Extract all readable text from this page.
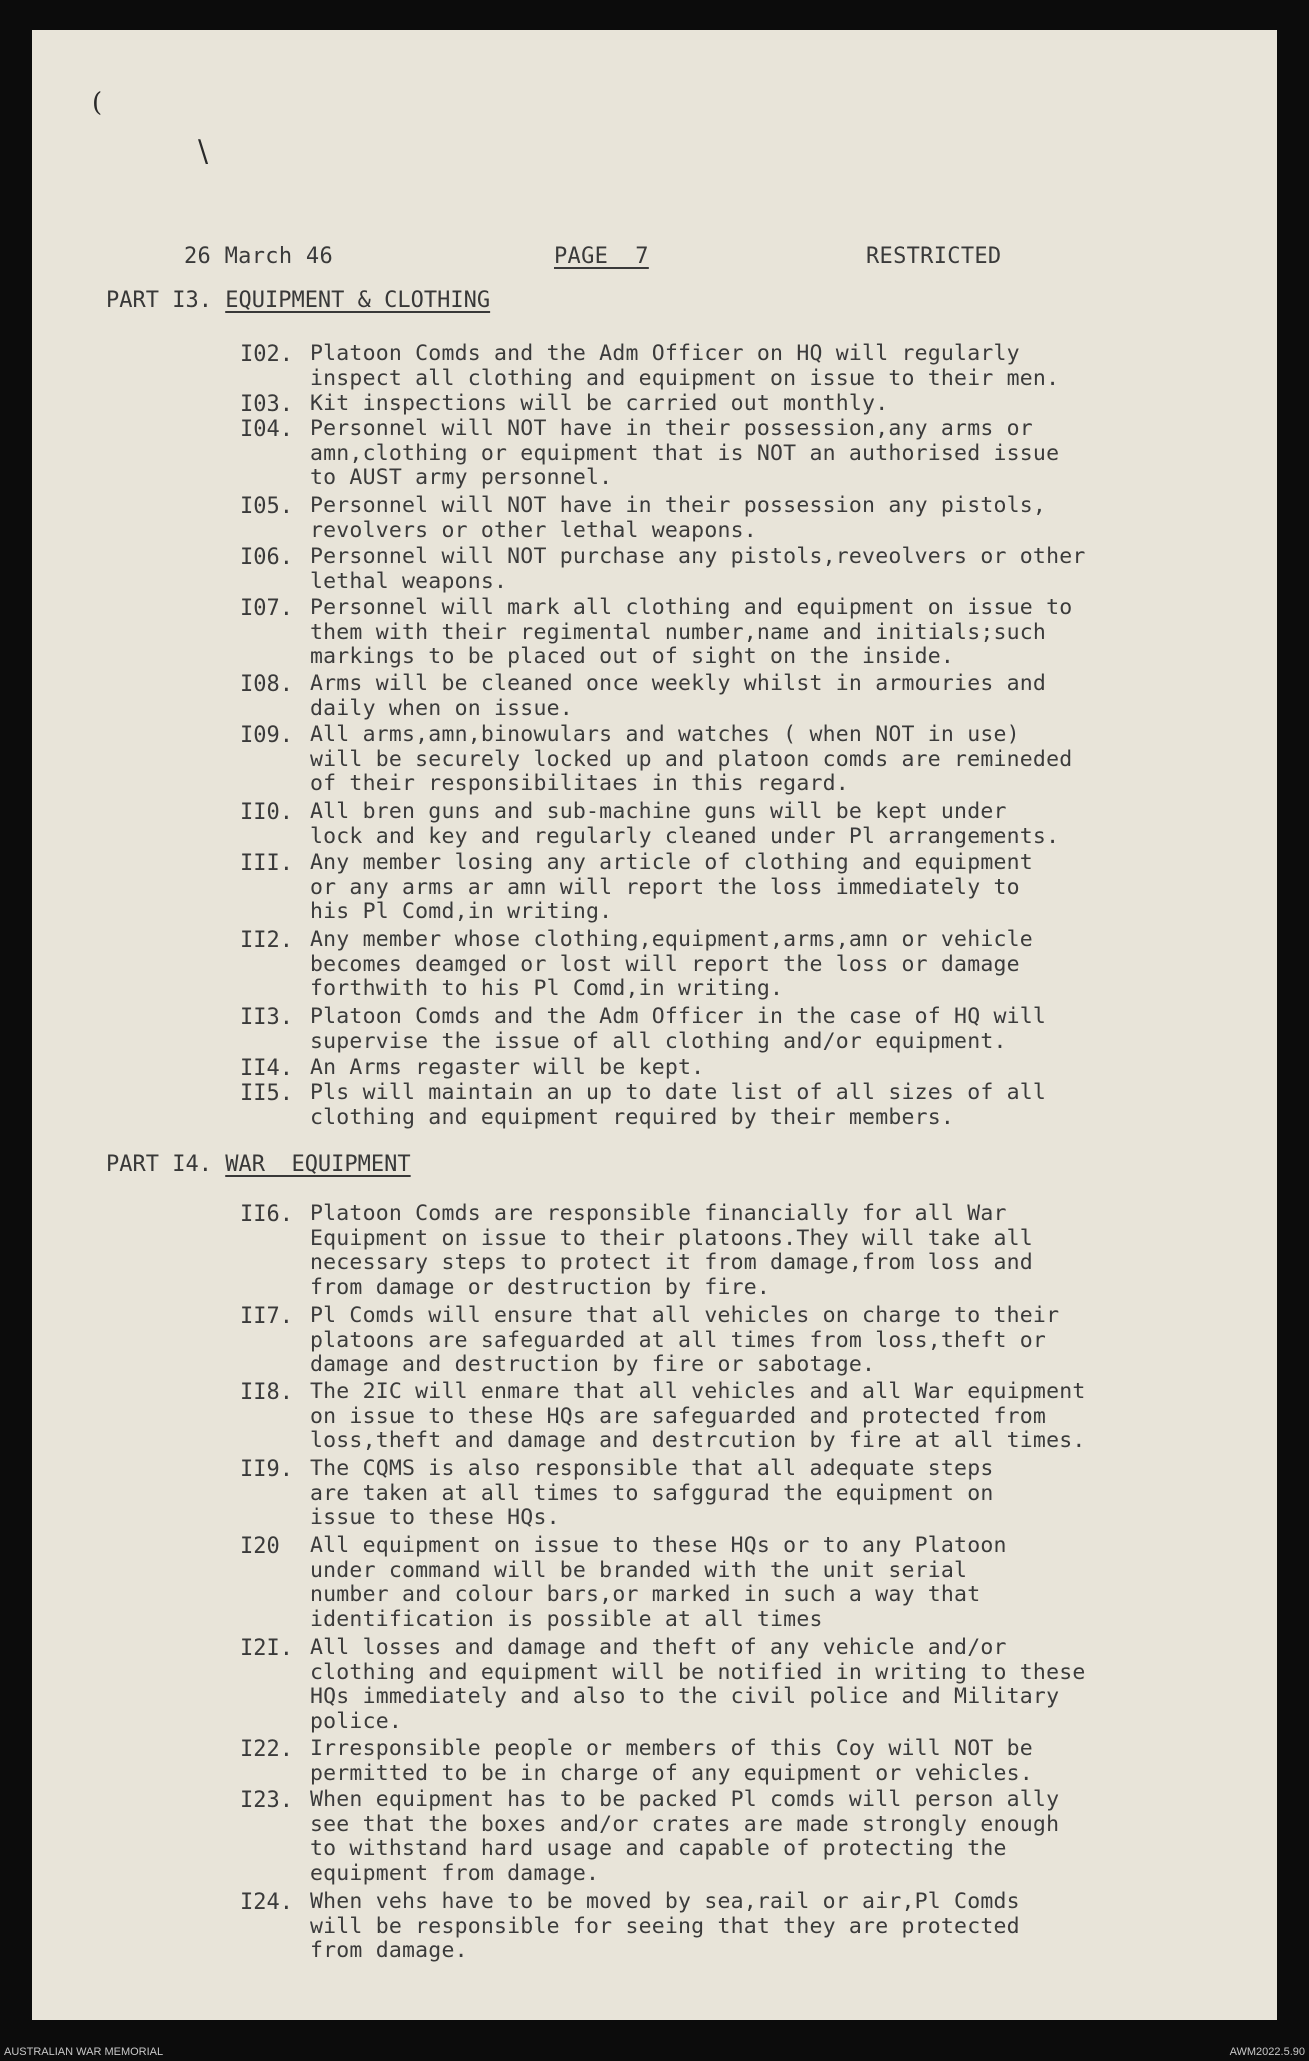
(
\
26 March 46	PAGE  7	RESTRICTED
PART I3. EQUIPMENT & CLOTHING
I02. Platoon Comds and the Adm Officer on HQ will regularly
inspect all clothing and equipment on issue to their men.
I03. Kit inspections will be carried out monthly.
I04. Personnel will NOT have in their possession,any arms or
amn,clothing or equipment that is NOT an authorised issue
to AUST army personnel.
I05. Personnel will NOT have in their possession any pistols,
revolvers or other lethal weapons.
I06. Personnel will NOT purchase any pistols,reveolvers or other
lethal weapons.
I07. Personnel will mark all clothing and equipment on issue to
them with their regimental number,name and initials;such
markings to be placed out of sight on the inside.
I08. Arms will be cleaned once weekly whilst in armouries and
daily when on issue.
I09. All arms,amn,binowulars and watches ( when NOT in use)
will be securely locked up and platoon comds are remineded
of their responsibilitaes in this regard.
II0. All bren guns and sub-machine guns will be kept under
lock and key and regularly cleaned under Pl arrangements.
III. Any member losing any article of clothing and equipment
or any arms ar amn will report the loss immediately to
his Pl Comd,in writing.
II2. Any member whose clothing,equipment,arms,amn or vehicle
becomes deamged or lost will report the loss or damage
forthwith to his Pl Comd,in writing.
II3. Platoon Comds and the Adm Officer in the case of HQ will
supervise the issue of all clothing and/or equipment.
II4. An Arms regaster will be kept.
II5. Pls will maintain an up to date list of all sizes of all
clothing and equipment required by their members.
PART I4. WAR  EQUIPMENT
II6. Platoon Comds are responsible financially for all War
Equipment on issue to their platoons.They will take all
necessary steps to protect it from damage,from loss and
from damage or destruction by fire.
II7. Pl Comds will ensure that all vehicles on charge to their
platoons are safeguarded at all times from loss,theft or
damage and destruction by fire or sabotage.
II8. The 2IC will enmare that all vehicles and all War equipment
on issue to these HQs are safeguarded and protected from
loss,theft and damage and destrcution by fire at all times.
II9. The CQMS is also responsible that all adequate steps
are taken at all times to safggurad the equipment on
issue to these HQs.
I20	All equipment on issue to these HQs or to any Platoon
under command will be branded with the unit serial
number and colour bars,or marked in such a way that
identification is possible at all times
I2I. All losses and damage and theft of any vehicle and/or
clothing and equipment will be notified in writing to these
HQs immediately and also to the civil police and Military
police.
I22. Irresponsible people or members of this Coy will NOT be
permitted to be in charge of any equipment or vehicles.
I23. When equipment has to be packed Pl comds will person ally
see that the boxes and/or crates are made strongly enough
to withstand hard usage and capable of protecting the
equipment from damage.
I24. When vehs have to be moved by sea,rail or air,Pl Comds
will be responsible for seeing that they are protected
from damage.
AUSTRALIAN WAR MEMORIAL	AWM2022.5.90
